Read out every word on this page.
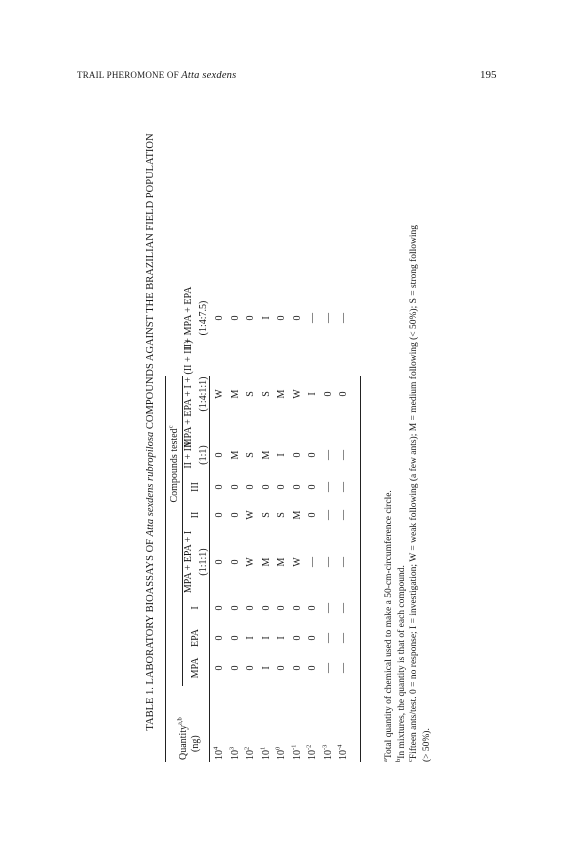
TRAIL PHEROMONE OF Atta sexdens	195
TABLE 1. LABORATORY BIOASSAYS OF Atta sexdens rubropilosa COMPOUNDS AGAINST THE BRAZILIAN FIELD POPULATION
Quantity$^{a,b}$
(ng)
Compounds tested$^c$
MPA
EPA
I
MPA + EPA + I (1:1:1)
II
III
II + III (1:1)
MPA + EPA + I + (II + III) (1:4:1:1)
I + MPA + EPA (1:4:7.5)
$10^4$
0
0
0
0
0
0
0
W
0
$10^3$
0
0
0
0
0
0
M
M
0
$10^2$
0
I
0
W
W
0
S
S
0
$10^1$
I
I
0
M
S
0
M
S
I
$10^0$
0
I
0
M
S
0
I
M
0
$10^{-1}$
0
0
0
W
M
0
0
W
0
$10^{-2}$
0
0
0
—
0
0
0
I
—
$10^{-3}$
—
—
—
—
—
—
—
0
—
$10^{-4}$
—
—
—
—
—
—
—
0
—
$^a$Total quantity of chemical used to make a 50-cm-circumference circle.
$^b$In mixtures, the quantity is that of each compound.
$^c$Fifteen ants/test. 0 = no response; I = investigation; W = weak following (a few ants); M = medium following (< 50%); S = strong following (> 50%).
